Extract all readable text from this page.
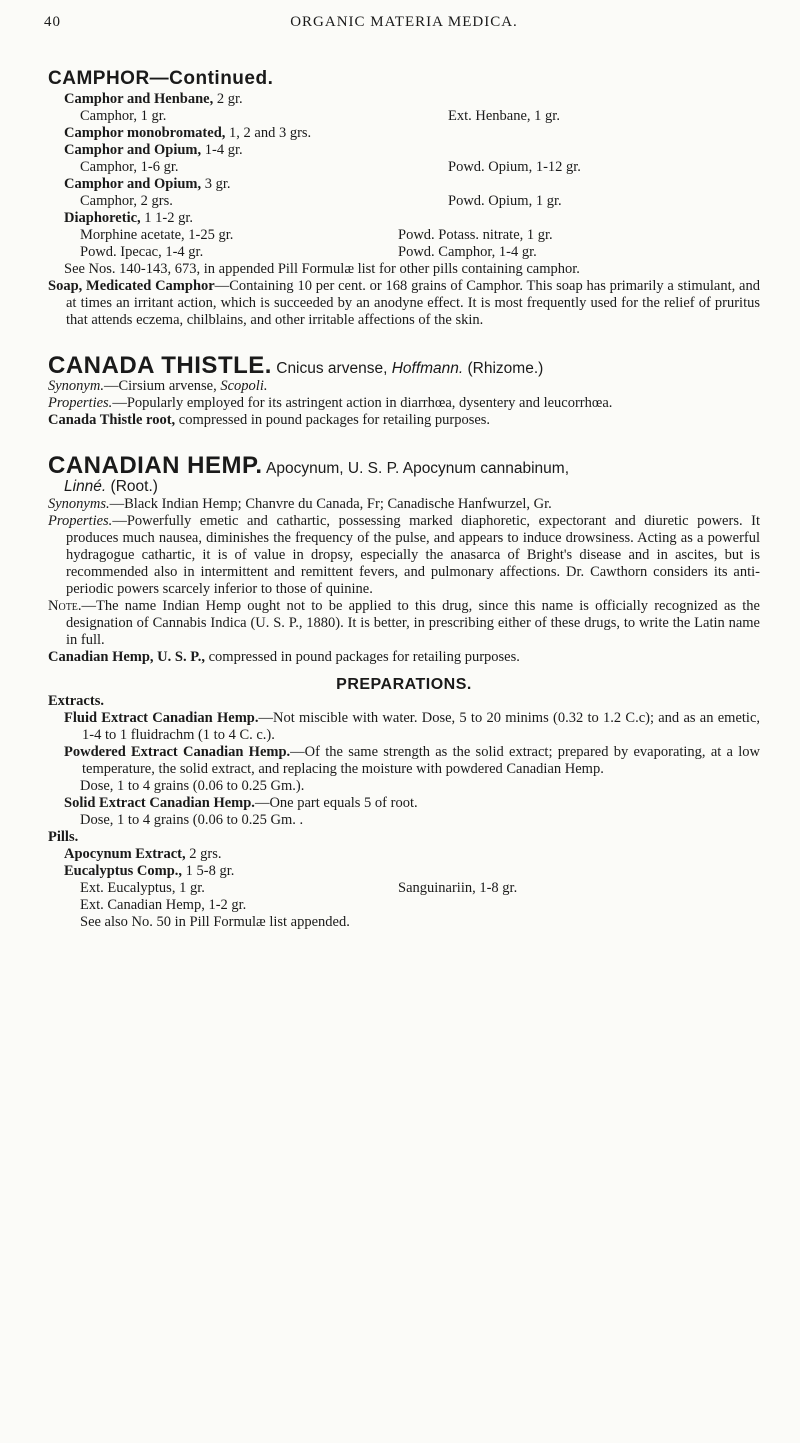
40	ORGANIC MATERIA MEDICA.
CAMPHOR—Continued.
Camphor and Henbane, 2 gr.
Camphor, 1 gr.	Ext. Henbane, 1 gr.
Camphor monobromated, 1, 2 and 3 grs.
Camphor and Opium, 1-4 gr.
Camphor, 1-6 gr.	Powd. Opium, 1-12 gr.
Camphor and Opium, 3 gr.
Camphor, 2 grs.	Powd. Opium, 1 gr.
Diaphoretic, 1 1-2 gr.
Morphine acetate, 1-25 gr.	Powd. Potass. nitrate, 1 gr.
Powd. Ipecac, 1-4 gr.	Powd. Camphor, 1-4 gr.
See Nos. 140-143, 673, in appended Pill Formulæ list for other pills containing camphor.
Soap, Medicated Camphor—Containing 10 per cent. or 168 grains of Camphor. This soap has primarily a stimulant, and at times an irritant action, which is succeeded by an anodyne effect. It is most frequently used for the relief of pruritus that attends eczema, chilblains, and other irritable affections of the skin.
CANADA THISTLE. Cnicus arvense, Hoffmann. (Rhizome.)
Synonym.—Cirsium arvense, Scopoli.
Properties.—Popularly employed for its astringent action in diarrhœa, dysentery and leucorrhœa.
Canada Thistle root, compressed in pound packages for retailing purposes.
CANADIAN HEMP. Apocynum, U. S. P. Apocynum cannabinum,
Linné. (Root.)
Synonyms.—Black Indian Hemp; Chanvre du Canada, Fr; Canadische Hanfwurzel, Gr.
Properties.—Powerfully emetic and cathartic, possessing marked diaphoretic, expectorant and diuretic powers. It produces much nausea, diminishes the frequency of the pulse, and appears to induce drowsiness. Acting as a powerful hydragogue cathartic, it is of value in dropsy, especially the anasarca of Bright's disease and in ascites, but is recommended also in intermittent and remittent fevers, and pulmonary affections. Dr. Cawthorn considers its anti-periodic powers scarcely inferior to those of quinine.
Note.—The name Indian Hemp ought not to be applied to this drug, since this name is officially recognized as the designation of Cannabis Indica (U. S. P., 1880). It is better, in prescribing either of these drugs, to write the Latin name in full.
Canadian Hemp, U. S. P., compressed in pound packages for retailing purposes.
PREPARATIONS.
Extracts.
Fluid Extract Canadian Hemp.—Not miscible with water. Dose, 5 to 20 minims (0.32 to 1.2 C.c); and as an emetic, 1-4 to 1 fluidrachm (1 to 4 C. c.).
Powdered Extract Canadian Hemp.—Of the same strength as the solid extract; prepared by evaporating, at a low temperature, the solid extract, and replacing the moisture with powdered Canadian Hemp.
Dose, 1 to 4 grains (0.06 to 0.25 Gm.).
Solid Extract Canadian Hemp.—One part equals 5 of root.
Dose, 1 to 4 grains (0.06 to 0.25 Gm. .
Pills.
Apocynum Extract, 2 grs.
Eucalyptus Comp., 1 5-8 gr.
Ext. Eucalyptus, 1 gr.	Sanguinariin, 1-8 gr.
Ext. Canadian Hemp, 1-2 gr.
See also No. 50 in Pill Formulæ list appended.
